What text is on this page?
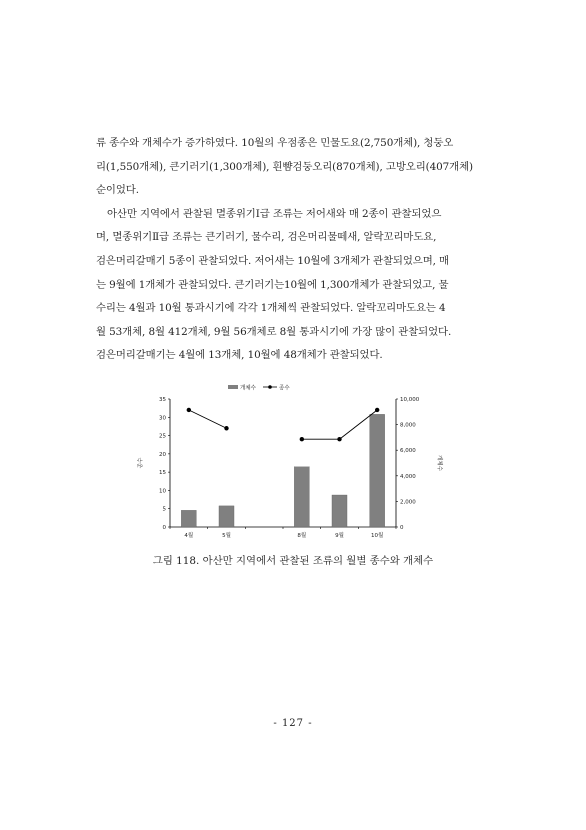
류 종수와 개체수가 증가하였다. 10월의 우점종은 민물도요(2,750개체), 청둥오
리(1,550개체), 큰기러기(1,300개체), 흰뺨검둥오리(870개체), 고방오리(407개체)
순이었다.

아산만 지역에서 관찰된 멸종위기Ⅰ급 조류는 저어새와 매 2종이 관찰되었으
며, 멸종위기Ⅱ급 조류는 큰기러기, 물수리, 검은머리물떼새, 알락꼬리마도요,
검은머리갈매기 5종이 관찰되었다. 저어새는 10월에 3개체가 관찰되었으며, 매
는 9월에 1개체가 관찰되었다. 큰기러기는10월에 1,300개체가 관찰되었고, 물
수리는 4월과 10월 통과시기에 각각 1개체씩 관찰되었다. 알락꼬리마도요는 4
월 53개체, 8월 412개체, 9월 56개체로 8월 통과시기에 가장 많이 관찰되었다.
검은머리갈매기는 4월에 13개체, 10월에 48개체가 관찰되었다.

0
5
10
15
20
25
30
35
0
2,000
4,000
6,000
8,000
10,000
종수	개체수
4월	5월	8월	9월	10월
개체수	종수
그림 118. 아산만 지역에서 관찰된 조류의 월별 종수와 개체수
- 127 -
